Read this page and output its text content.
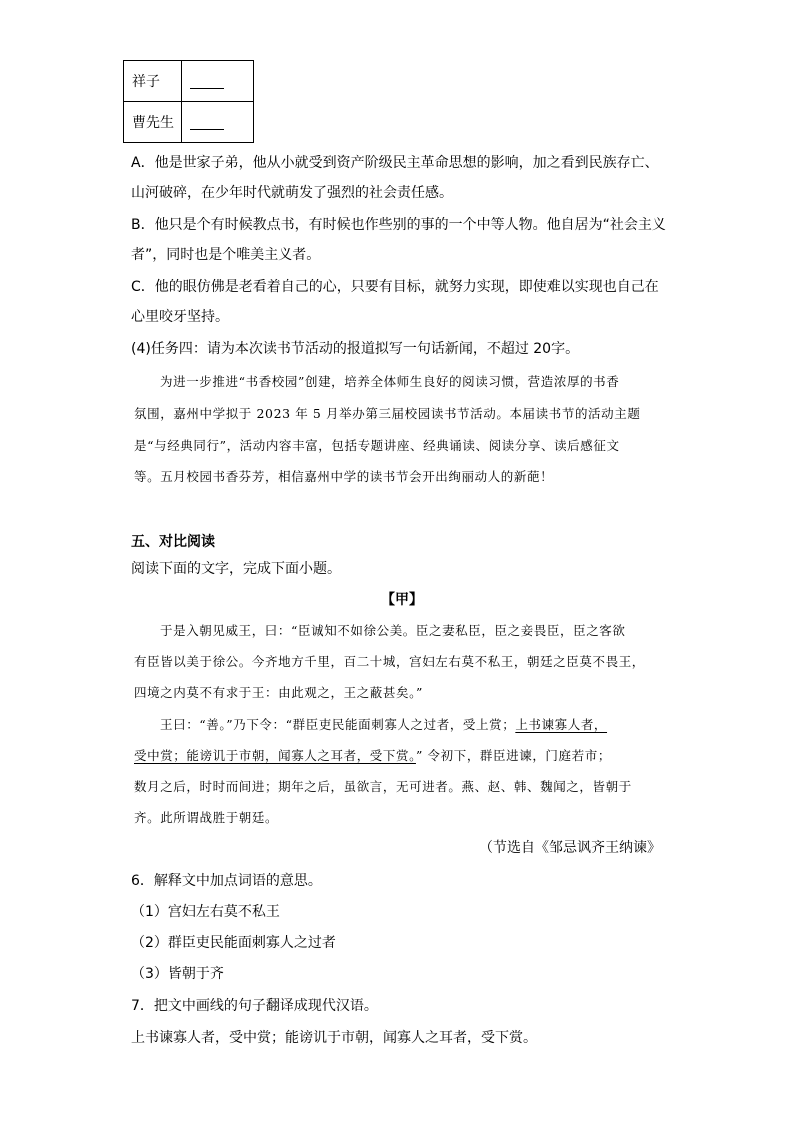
祥子	
曹先生	
A．他是世家子弟，他从小就受到资产阶级民主革命思想的影响，加之看到民族存亡、
山河破碎，在少年时代就萌发了强烈的社会责任感。
B．他只是个有时候教点书，有时候也作些别的事的一个中等人物。他自居为“社会主义
者”，同时也是个唯美主义者。
C．他的眼仿佛是老看着自己的心，只要有目标，就努力实现，即使难以实现也自己在
心里咬牙坚持。
(4)任务四：请为本次读书节活动的报道拟写一句话新闻，不超过 20字。
为进一步推进“书香校园”创建，培养全体师生良好的阅读习惯，营造浓厚的书香
氛围，嘉州中学拟于 2023 年 5 月举办第三届校园读书节活动。本届读书节的活动主题
是“与经典同行”，活动内容丰富，包括专题讲座、经典诵读、阅读分享、读后感征文
等。五月校园书香芬芳，相信嘉州中学的读书节会开出绚丽动人的新葩！
五、对比阅读
阅读下面的文字，完成下面小题。
【甲】
于是入朝见威王，曰：“臣诚知不如徐公美。臣之妻私臣，臣之妾畏臣，臣之客欲
有臣皆以美于徐公。今齐地方千里，百二十城，宫妇左右莫不私王，朝廷之臣莫不畏王，
四境之内莫不有求于王：由此观之，王之蔽甚矣。”
王曰：“善。”乃下令：“群臣吏民能面刺寡人之过者，受上赏；上书谏寡人者，
受中赏；能谤讥于市朝，闻寡人之耳者，受下赏。” 令初下，群臣进谏，门庭若市；
数月之后，时时而间进；期年之后，虽欲言，无可进者。燕、赵、韩、魏闻之，皆朝于
齐。此所谓战胜于朝廷。
（节选自《邹忌讽齐王纳谏》
6．解释文中加点词语的意思。
（1）宫妇左右莫不私王
（2）群臣吏民能面刺寡人之过者
（3）皆朝于齐
7．把文中画线的句子翻译成现代汉语。
上书谏寡人者，受中赏；能谤讥于市朝，闻寡人之耳者，受下赏。
